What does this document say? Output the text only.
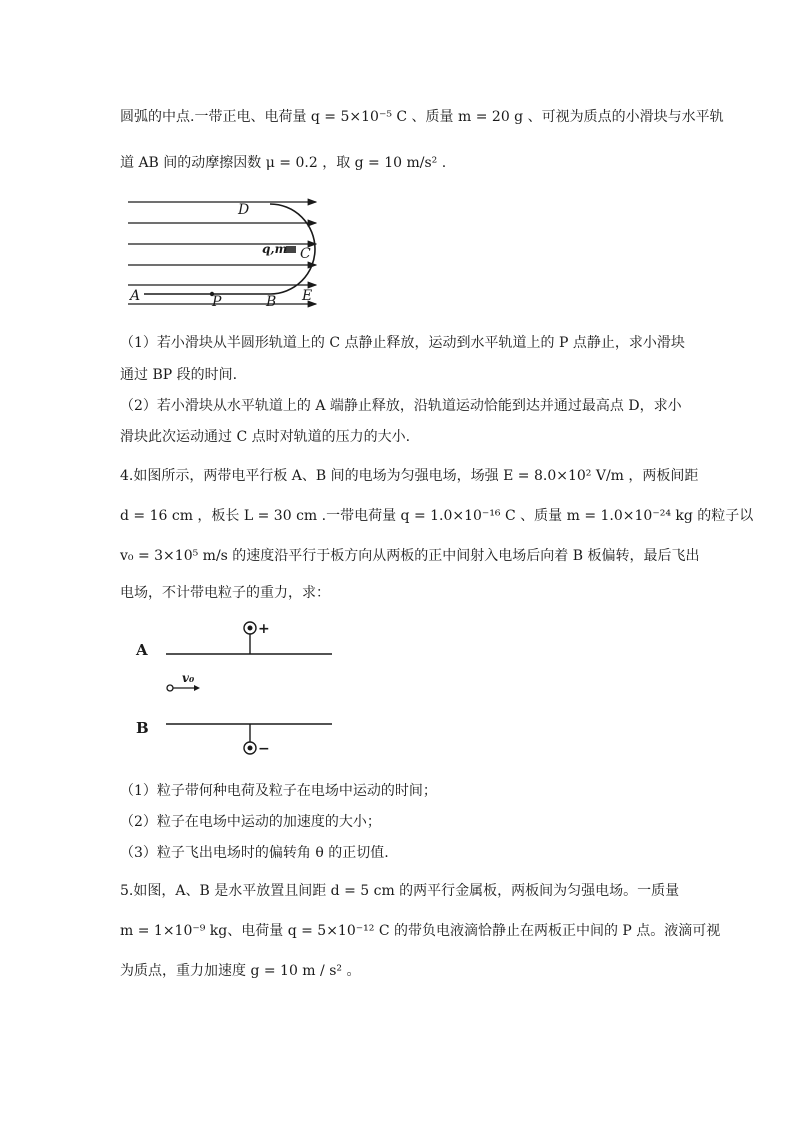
圆弧的中点.一带正电、电荷量 q = 5×10⁻⁵ C 、质量 m = 20 g 、可视为质点的小滑块与水平轨
道 AB 间的动摩擦因数 μ = 0.2 ，取 g = 10 m/s² .
D
C
q,m
A	P	B E
（1）若小滑块从半圆形轨道上的 C 点静止释放，运动到水平轨道上的 P 点静止，求小滑块
通过 BP 段的时间.
（2）若小滑块从水平轨道上的 A 端静止释放，沿轨道运动恰能到达并通过最高点 D，求小
滑块此次运动通过 C 点时对轨道的压力的大小.
4.如图所示，两带电平行板 A、B 间的电场为匀强电场，场强 E = 8.0×10² V/m ，两板间距
d = 16 cm ，板长 L = 30 cm .一带电荷量 q = 1.0×10⁻¹⁶ C 、质量 m = 1.0×10⁻²⁴ kg 的粒子以
v₀ = 3×10⁵ m/s 的速度沿平行于板方向从两板的正中间射入电场后向着 B 板偏转，最后飞出
电场，不计带电粒子的重力，求：
A
B
+
−
v₀
（1）粒子带何种电荷及粒子在电场中运动的时间；
（2）粒子在电场中运动的加速度的大小；
（3）粒子飞出电场时的偏转角 θ 的正切值.
5.如图，A、B 是水平放置且间距 d = 5 cm 的两平行金属板，两板间为匀强电场。一质量
m = 1×10⁻⁹ kg、电荷量 q = 5×10⁻¹² C 的带负电液滴恰静止在两板正中间的 P 点。液滴可视
为质点，重力加速度 g = 10 m / s² 。
